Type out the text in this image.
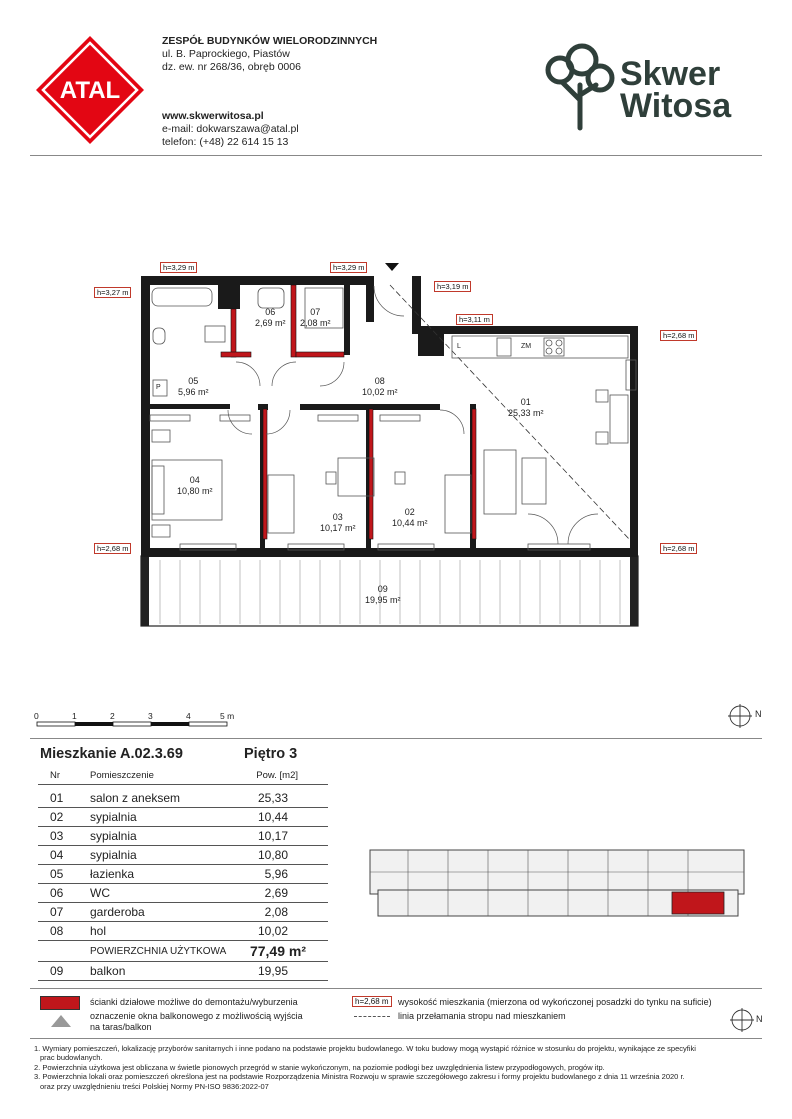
ATAL
ZESPÓŁ BUDYNKÓW WIELORODZINNYCH
ul. B. Paprockiego, Piastów
dz. ew. nr 268/36, obręb 0006
www.skwerwitosa.pl
e-mail: dokwarszawa@atal.pl
telefon: (+48) 22 614 15 13
Skwer
Witosa
h=3,29 m	h=3,29 m
h=3,27 m
h=3,19 m
h=3,11 m
h=2,68 m
h=2,68 m	h=2,68 m
L	ZM
P
06
2,69 m²
07
2,08 m²
05
5,96 m²
08
10,02 m²
01
25,33 m²
04
10,80 m²
03
10,17 m²
02
10,44 m²
09
19,95 m²
0	1	2	3	4	5 m	N
Mieszkanie A.02.3.69	Piętro 3
Nr	Pomieszczenie	Pow. [m2]
01 salon z aneksem	25,33
02 sypialnia	10,44
03 sypialnia	10,17
04 sypialnia	10,80
05 łazienka	5,96
06 WC	2,69
07 garderoba	2,08
08 hol	10,02
POWIERZCHNIA UŻYTKOWA 77,49 m²
09 balkon	19,95
ścianki działowe możliwe do demontażu/wyburzenia
oznaczenie okna balkonowego z możliwością wyjścia
na taras/balkon
h=2,68 m	wysokość mieszkania (mierzona od wykończonej posadzki do tynku na suficie)
linia przełamania stropu nad mieszkaniem	N
1. Wymiary pomieszczeń, lokalizację przyborów sanitarnych i inne podano na podstawie projektu budowlanego. W toku budowy mogą wystąpić różnice w stosunku do projektu, wynikające ze specyfiki
prac budowlanych.
2. Powierzchnia użytkowa jest obliczana w świetle pionowych przegród w stanie wykończonym, na poziomie podłogi bez uwzględnienia listew przypodłogowych, progów itp.
3. Powierzchnia lokali oraz pomieszczeń określona jest na podstawie Rozporządzenia Ministra Rozwoju w sprawie szczegółowego zakresu i formy projektu budowlanego z dnia 11 września 2020 r.
oraz przy uwzględnieniu treści Polskiej Normy PN-ISO 9836:2022-07
